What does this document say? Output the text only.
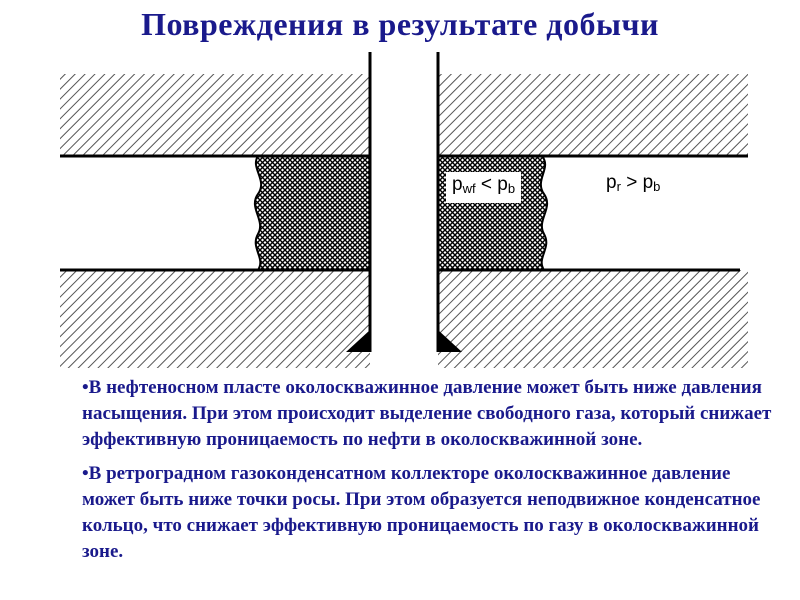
Повреждения в результате добычи
$p_{wf} < p_b$	$p_r > p_b$
•В нефтеносном пласте околоскважинное давление может быть ниже давления насыщения. При этом происходит выделение свободного газа, который снижает эффективную проницаемость по нефти в околоскважинной зоне.
•В ретроградном газоконденсатном коллекторе околоскважинное давление может быть ниже точки росы. При этом образуется неподвижное конденсатное кольцо, что снижает эффективную проницаемость по газу в околоскважинной зоне.
